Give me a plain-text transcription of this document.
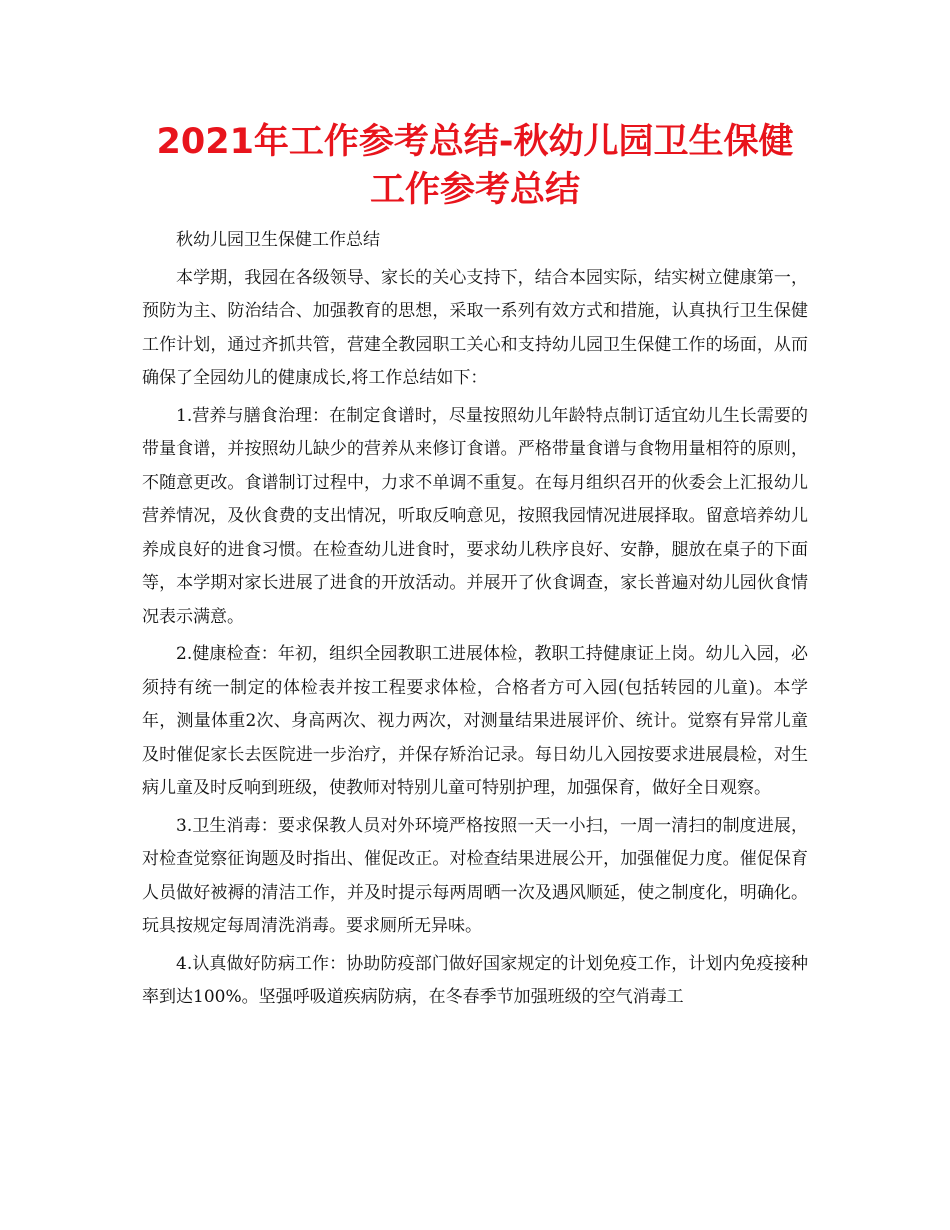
2021年工作参考总结-秋幼儿园卫生保健工作参考总结

秋幼儿园卫生保健工作总结

本学期，我园在各级领导、家长的关心支持下，结合本园实际，结实树立健康第一，预防为主、防治结合、加强教育的思想，采取一系列有效方式和措施，认真执行卫生保健工作计划，通过齐抓共管，营建全教园职工关心和支持幼儿园卫生保健工作的场面，从而确保了全园幼儿的健康成长,将工作总结如下：

1.营养与膳食治理：在制定食谱时，尽量按照幼儿年龄特点制订适宜幼儿生长需要的带量食谱，并按照幼儿缺少的营养从来修订食谱。严格带量食谱与食物用量相符的原则，不随意更改。食谱制订过程中，力求不单调不重复。在每月组织召开的伙委会上汇报幼儿营养情况，及伙食费的支出情况，听取反响意见，按照我园情况进展择取。留意培养幼儿养成良好的进食习惯。在检查幼儿进食时，要求幼儿秩序良好、安静，腿放在桌子的下面等，本学期对家长进展了进食的开放活动。并展开了伙食调查，家长普遍对幼儿园伙食情况表示满意。

2.健康检查：年初，组织全园教职工进展体检，教职工持健康证上岗。幼儿入园，必须持有统一制定的体检表并按工程要求体检，合格者方可入园(包括转园的儿童)。本学年，测量体重2次、身高两次、视力两次，对测量结果进展评价、统计。觉察有异常儿童及时催促家长去医院进一步治疗，并保存矫治记录。每日幼儿入园按要求进展晨检，对生病儿童及时反响到班级，使教师对特别儿童可特别护理，加强保育，做好全日观察。

3.卫生消毒：要求保教人员对外环境严格按照一天一小扫，一周一清扫的制度进展，对检查觉察征询题及时指出、催促改正。对检查结果进展公开，加强催促力度。催促保育人员做好被褥的清洁工作，并及时提示每两周晒一次及遇风顺延，使之制度化，明确化。玩具按规定每周清洗消毒。要求厕所无异味。

4.认真做好防病工作：协助防疫部门做好国家规定的计划免疫工作，计划内免疫接种率到达100%。坚强呼吸道疾病防病，在冬春季节加强班级的空气消毒工
